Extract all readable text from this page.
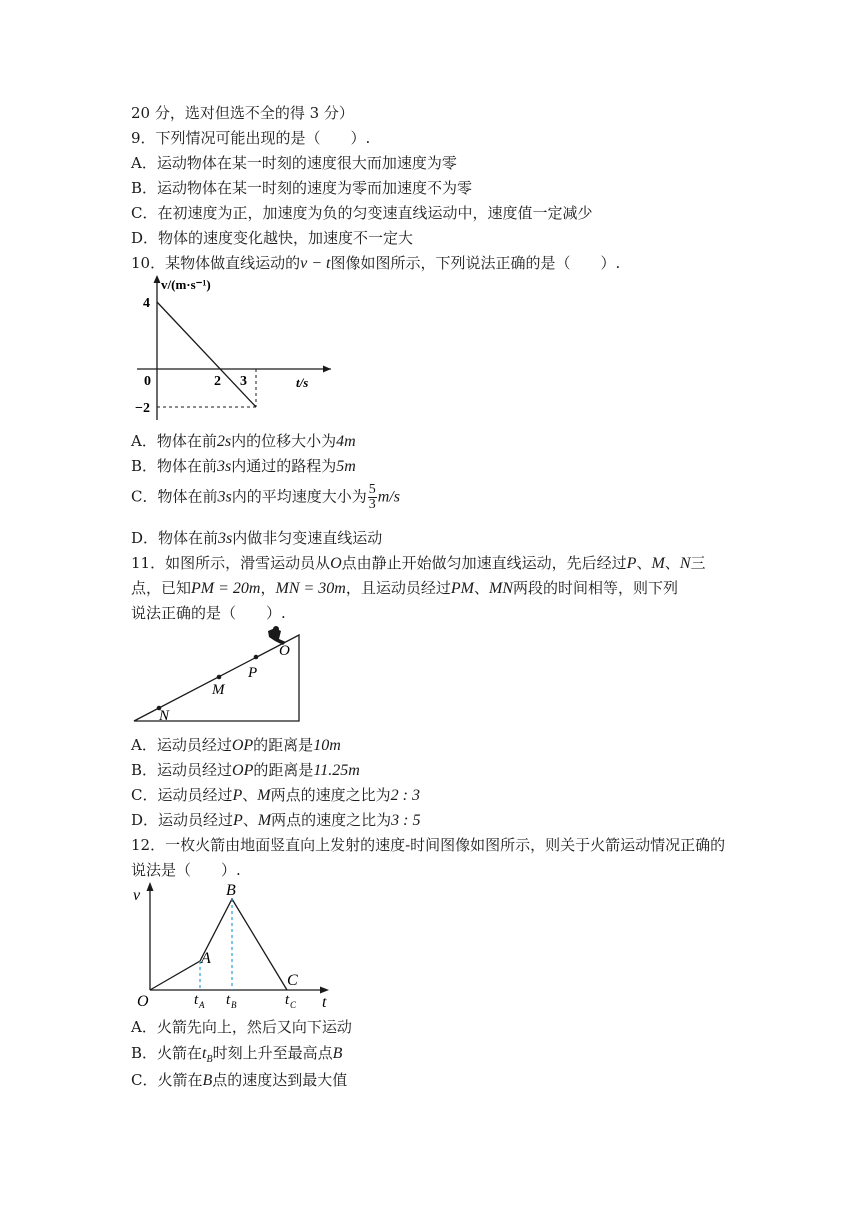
20 分，选对但选不全的得 3 分）
9．下列情况可能出现的是（　　）.
A．运动物体在某一时刻的速度很大而加速度为零
B．运动物体在某一时刻的速度为零而加速度不为零
C．在初速度为正，加速度为负的匀变速直线运动中，速度值一定减少
D．物体的速度变化越快，加速度不一定大
10．某物体做直线运动的v − t图像如图所示，下列说法正确的是（　　）.
v/(m·s⁻¹)
4
−2
0	2 3	t/s
A．物体在前2s内的位移大小为4m
B．物体在前3s内通过的路程为5m
C．物体在前3s内的平均速度大小为 $\frac{5}{3} m/s$
D．物体在前3s内做非匀变速直线运动
11．如图所示，滑雪运动员从O点由静止开始做匀加速直线运动，先后经过P、M、N三
点，已知PM = 20m，MN = 30m，且运动员经过PM、MN两段的时间相等，则下列
说法正确的是（　　）.
O
P
M
N
A．运动员经过OP的距离是10m
B．运动员经过OP的距离是11.25m
C．运动员经过P、M两点的速度之比为2 : 3
D．运动员经过P、M两点的速度之比为3 : 5
12．一枚火箭由地面竖直向上发射的速度-时间图像如图所示，则关于火箭运动情况正确的
说法是（　　）.
v
t
O
A
B
C
t A t B	t C
A．火箭先向上，然后又向下运动
B．火箭在$t_B$时刻上升至最高点B
C．火箭在B点的速度达到最大值
